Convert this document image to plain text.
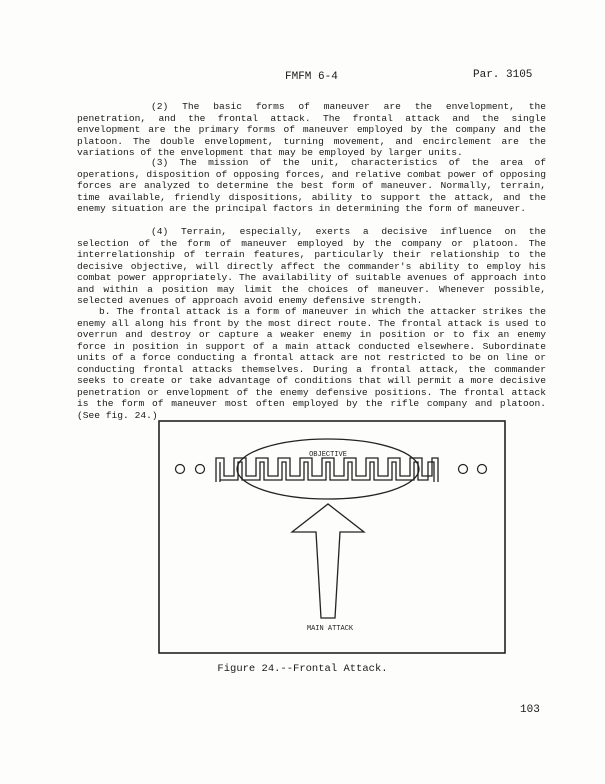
FMFM 6-4	Par. 3105

(2) The basic forms of maneuver are the envelopment, the penetration, and the frontal attack. The frontal attack and the single envelopment are the primary forms of maneuver employed by the company and the platoon. The double envelopment, turning movement, and encirclement are the variations of the envelopment that may be employed by larger units.

(3) The mission of the unit, characteristics of the area of operations, disposition of opposing forces, and relative combat power of opposing forces are analyzed to determine the best form of maneuver. Normally, terrain, time available, friendly dispositions, ability to support the attack, and the enemy situation are the principal factors in determining the form of maneuver.

(4) Terrain, especially, exerts a decisive influence on the selection of the form of maneuver employed by the company or platoon. The interrelationship of terrain features, particularly their relationship to the decisive objective, will directly affect the commander's ability to employ his combat power appropriately. The availability of suitable avenues of approach into and within a position may limit the choices of maneuver. Whenever possible, selected avenues of approach avoid enemy defensive strength.

b. The frontal attack is a form of maneuver in which the attacker strikes the enemy all along his front by the most direct route. The frontal attack is used to overrun and destroy or capture a weaker enemy in position or to fix an enemy force in position in support of a main attack conducted elsewhere. Subordinate units of a force conducting a frontal attack are not restricted to be on line or conducting frontal attacks themselves. During a frontal attack, the commander seeks to create or take advantage of conditions that will permit a more decisive penetration or envelopment of the enemy defensive positions. The frontal attack is the form of maneuver most often employed by the rifle company and platoon. (See fig. 24.)

OBJECTIVE
MAIN ATTACK
Figure 24.--Frontal Attack.
103
